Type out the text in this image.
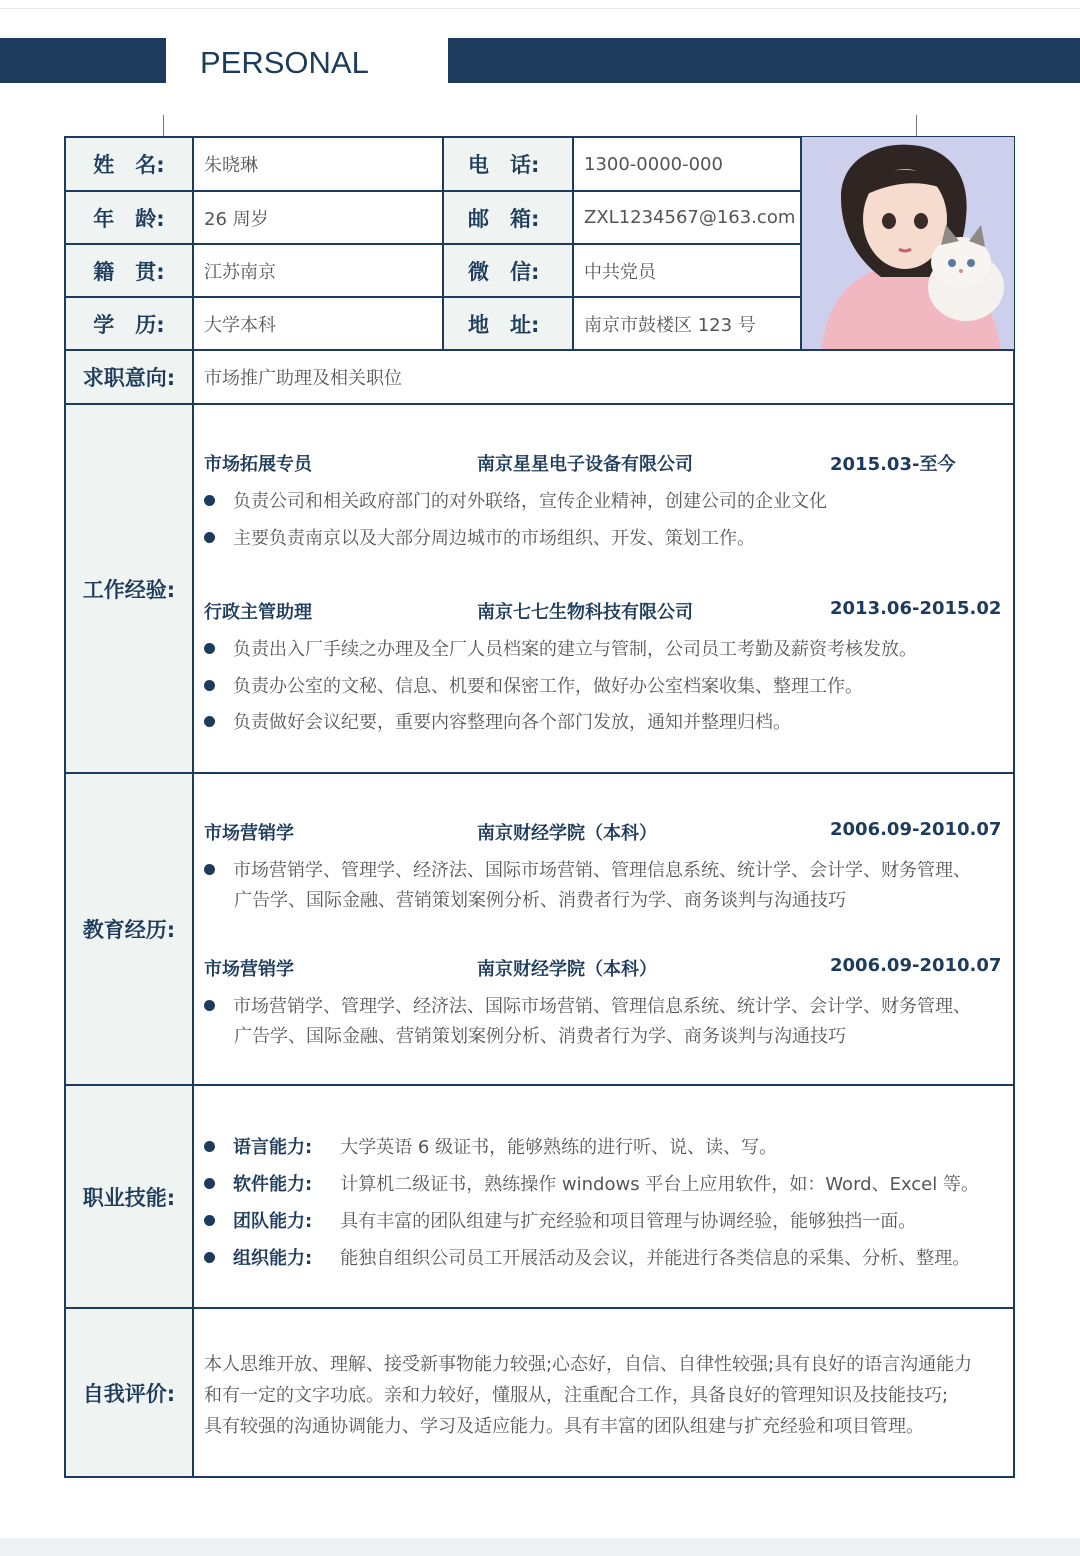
PERSONAL
姓　名:	朱晓琳	电　话:	1300-0000-000
年　龄:	26 周岁	邮　箱:	ZXL1234567@163.com
籍　贯:	江苏南京	微　信:	中共党员
学　历:	大学本科	地　址:	南京市鼓楼区 123 号
求职意向:	市场推广助理及相关职位
工作经验:
市场拓展专员	南京星星电子设备有限公司	2015.03-至今
负责公司和相关政府部门的对外联络，宣传企业精神，创建公司的企业文化
主要负责南京以及大部分周边城市的市场组织、开发、策划工作。
行政主管助理	南京七七生物科技有限公司	2013.06-2015.02
负责出入厂手续之办理及全厂人员档案的建立与管制，公司员工考勤及薪资考核发放。
负责办公室的文秘、信息、机要和保密工作，做好办公室档案收集、整理工作。
负责做好会议纪要，重要内容整理向各个部门发放，通知并整理归档。
教育经历:
市场营销学	南京财经学院（本科）	2006.09-2010.07
市场营销学、管理学、经济法、国际市场营销、管理信息系统、统计学、会计学、财务管理、
广告学、国际金融、营销策划案例分析、消费者行为学、商务谈判与沟通技巧
市场营销学	南京财经学院（本科）	2006.09-2010.07
市场营销学、管理学、经济法、国际市场营销、管理信息系统、统计学、会计学、财务管理、
广告学、国际金融、营销策划案例分析、消费者行为学、商务谈判与沟通技巧
职业技能:
语言能力: 大学英语 6 级证书，能够熟练的进行听、说、读、写。
软件能力: 计算机二级证书，熟练操作 windows 平台上应用软件，如：Word、Excel 等。
团队能力: 具有丰富的团队组建与扩充经验和项目管理与协调经验，能够独挡一面。
组织能力: 能独自组织公司员工开展活动及会议，并能进行各类信息的采集、分析、整理。
自我评价:
本人思维开放、理解、接受新事物能力较强;心态好，自信、自律性较强;具有良好的语言沟通能力
和有一定的文字功底。亲和力较好，懂服从，注重配合工作，具备良好的管理知识及技能技巧;
具有较强的沟通协调能力、学习及适应能力。具有丰富的团队组建与扩充经验和项目管理。
